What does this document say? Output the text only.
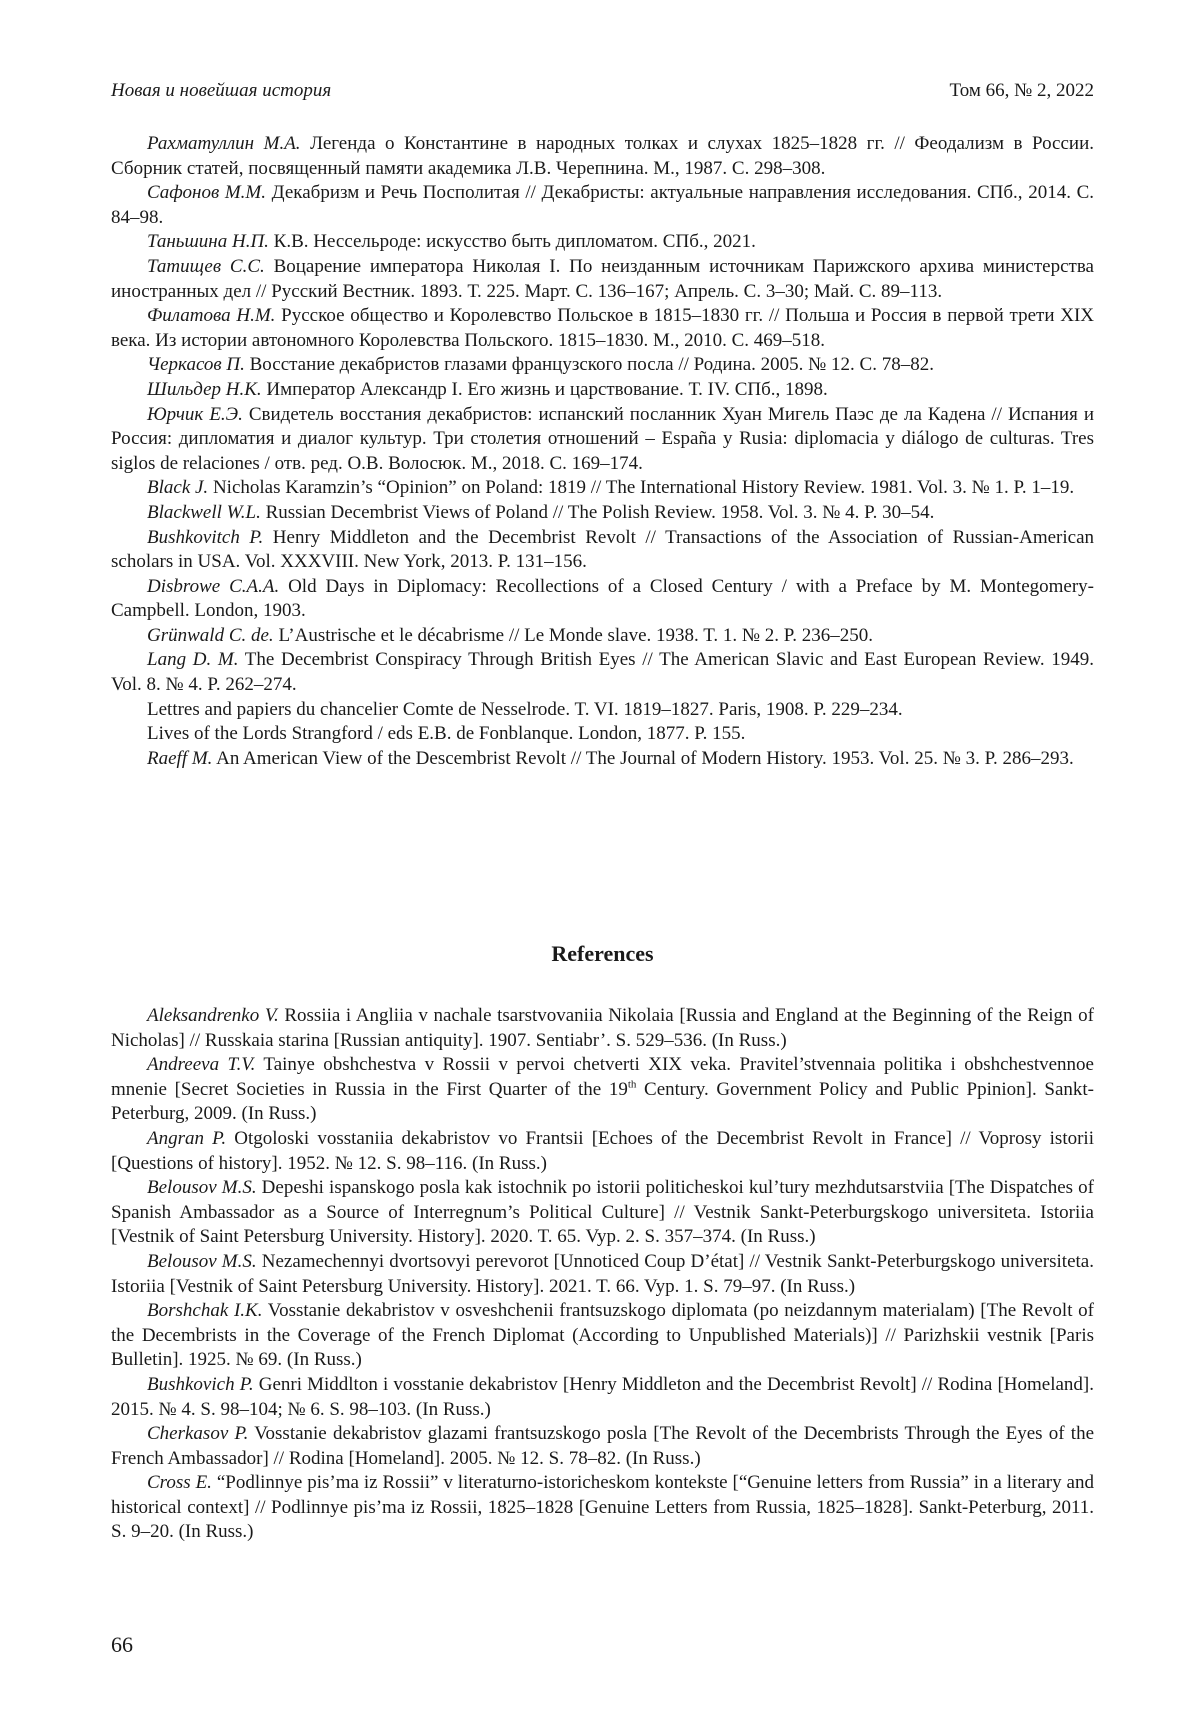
Новая и новейшая история	Том 66, № 2, 2022

Рахматуллин М.А. Легенда о Константине в народных толках и слухах 1825–1828 гг. // Феодализм в России. Сборник статей, посвященный памяти академика Л.В. Черепнина. М., 1987. С. 298–308.

Сафонов М.М. Декабризм и Речь Посполитая // Декабристы: актуальные направления исследования. СПб., 2014. С. 84–98.

Таньшина Н.П. К.В. Нессельроде: искусство быть дипломатом. СПб., 2021.

Татищев С.С. Воцарение императора Николая I. По неизданным источникам Парижского архива министерства иностранных дел // Русский Вестник. 1893. Т. 225. Март. С. 136–167; Апрель. С. 3–30; Май. С. 89–113.

Филатова Н.М. Русское общество и Королевство Польское в 1815–1830 гг. // Польша и Россия в первой трети XIX века. Из истории автономного Королевства Польского. 1815–1830. М., 2010. С. 469–518.

Черкасов П. Восстание декабристов глазами французского посла // Родина. 2005. № 12. С. 78–82.

Шильдер Н.К. Император Александр I. Его жизнь и царствование. Т. IV. СПб., 1898.

Юрчик Е.Э. Свидетель восстания декабристов: испанский посланник Хуан Мигель Паэс де ла Кадена // Испания и Россия: дипломатия и диалог культур. Три столетия отношений – España y Rusia: diplomacia y diálogo de culturas. Tres siglos de relaciones / отв. ред. О.В. Волосюк. М., 2018. С. 169–174.

Black J. Nicholas Karamzin’s “Opinion” on Poland: 1819 // The International History Review. 1981. Vol. 3. № 1. P. 1–19.

Blackwell W.L. Russian Decembrist Views of Poland // The Polish Review. 1958. Vol. 3. № 4. P. 30–54.

Bushkovitch P. Henry Middleton and the Decembrist Revolt // Transactions of the Association of Russian-American scholars in USA. Vol. XXXVIII. New York, 2013. P. 131–156.

Disbrowe C.A.A. Old Days in Diplomacy: Recollections of a Closed Century / with a Preface by M. Montegomery-Campbell. London, 1903.

Grünwald C. de. L’Austrische et le décabrisme // Le Monde slave. 1938. T. 1. № 2. P. 236–250.

Lang D. M. The Decembrist Conspiracy Through British Eyes // The American Slavic and East European Review. 1949. Vol. 8. № 4. P. 262–274.

Lettres and papiers du chancelier Comte de Nesselrode. T. VI. 1819–1827. Paris, 1908. P. 229–234.

Lives of the Lords Strangford / eds E.B. de Fonblanque. London, 1877. P. 155.

Raeff M. An American View of the Descembrist Revolt // The Journal of Modern History. 1953. Vol. 25. № 3. P. 286–293.

References

Aleksandrenko V. Rossiia i Angliia v nachale tsarstvovaniia Nikolaia [Russia and England at the Beginning of the Reign of Nicholas] // Russkaia starina [Russian antiquity]. 1907. Sentiabr’. S. 529–536. (In Russ.)

Andreeva T.V. Tainye obshchestva v Rossii v pervoi chetverti XIX veka. Pravitel’stvennaia politika i obshchestvennoe mnenie [Secret Societies in Russia in the First Quarter of the 19th Century. Government Policy and Public Ppinion]. Sankt-Peterburg, 2009. (In Russ.)

Angran P. Otgoloski vosstaniia dekabristov vo Frantsii [Echoes of the Decembrist Revolt in France] // Voprosy istorii [Questions of history]. 1952. № 12. S. 98–116. (In Russ.)

Belousov M.S. Depeshi ispanskogo posla kak istochnik po istorii politicheskoi kul’tury mezhdutsarstviia [The Dispatches of Spanish Ambassador as a Source of Interregnum’s Political Culture] // Vestnik Sankt-Peterburgskogo universiteta. Istoriia [Vestnik of Saint Petersburg University. History]. 2020. T. 65. Vyp. 2. S. 357–374. (In Russ.)

Belousov M.S. Nezamechennyi dvortsovyi perevorot [Unnoticed Coup D’état] // Vestnik Sankt-Peterburgskogo universiteta. Istoriia [Vestnik of Saint Petersburg University. History]. 2021. T. 66. Vyp. 1. S. 79–97. (In Russ.)

Borshchak I.K. Vosstanie dekabristov v osveshchenii frantsuzskogo diplomata (po neizdannym materialam) [The Revolt of the Decembrists in the Coverage of the French Diplomat (According to Unpublished Materials)] // Parizhskii vestnik [Paris Bulletin]. 1925. № 69. (In Russ.)

Bushkovich P. Genri Middlton i vosstanie dekabristov [Henry Middleton and the Decembrist Revolt] // Rodina [Homeland]. 2015. № 4. S. 98–104; № 6. S. 98–103. (In Russ.)

Cherkasov P. Vosstanie dekabristov glazami frantsuzskogo posla [The Revolt of the Decembrists Through the Eyes of the French Ambassador] // Rodina [Homeland]. 2005. № 12. S. 78–82. (In Russ.)

Cross E. “Podlinnye pis’ma iz Rossii” v literaturno-istoricheskom kontekste [“Genuine letters from Russia” in a literary and historical context] // Podlinnye pis’ma iz Rossii, 1825–1828 [Genuine Letters from Russia, 1825–1828]. Sankt-Peterburg, 2011. S. 9–20. (In Russ.)

66
